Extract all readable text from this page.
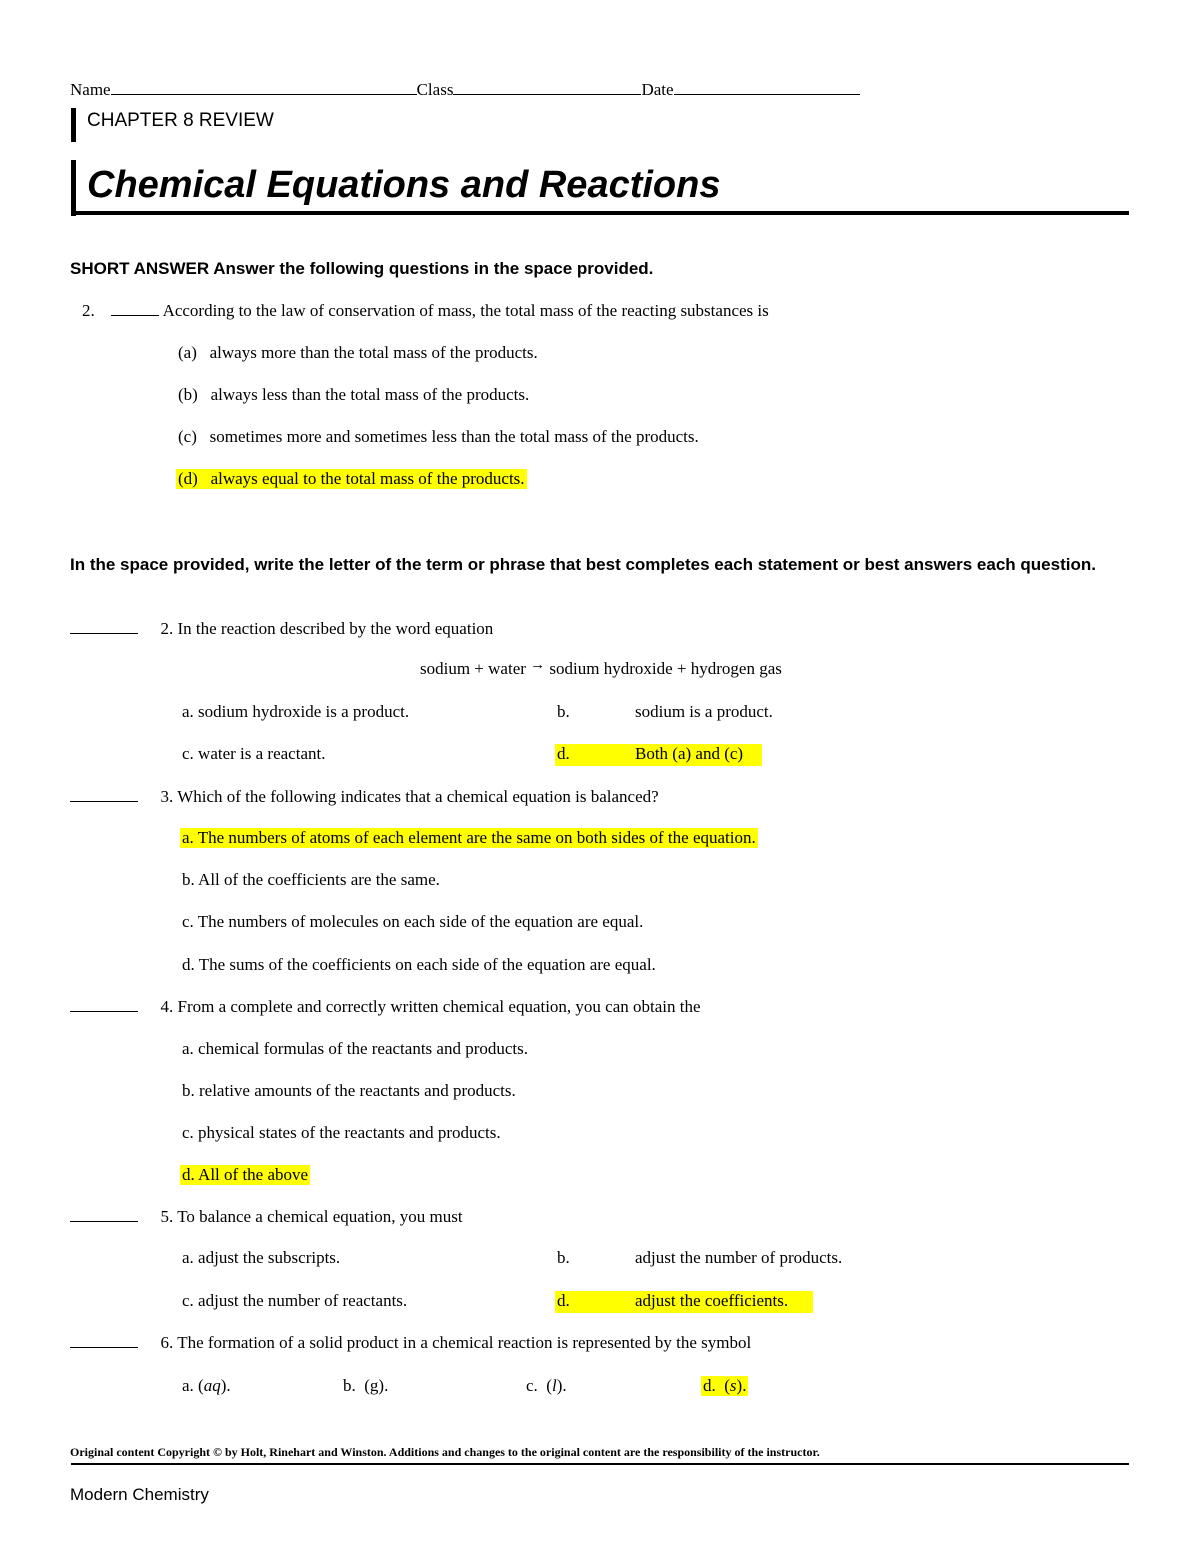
Name	Class	Date
CHAPTER 8 REVIEW
Chemical Equations and Reactions
SHORT ANSWER Answer the following questions in the space provided.
2.	According to the law of conservation of mass, the total mass of the reacting substances is
(a) always more than the total mass of the products.
(b) always less than the total mass of the products.
(c) sometimes more and sometimes less than the total mass of the products.
(d) always equal to the total mass of the products.
In the space provided, write the letter of the term or phrase that best completes each statement or best answers each question.
2. In the reaction described by the word equation
sodium + water → sodium hydroxide + hydrogen gas
a. sodium hydroxide is a product.	b.	sodium is a product.
c. water is a reactant.	d.	Both (a) and (c)
3. Which of the following indicates that a chemical equation is balanced?
a. The numbers of atoms of each element are the same on both sides of the equation.
b. All of the coefficients are the same.
c. The numbers of molecules on each side of the equation are equal.
d. The sums of the coefficients on each side of the equation are equal.
4. From a complete and correctly written chemical equation, you can obtain the
a. chemical formulas of the reactants and products.
b. relative amounts of the reactants and products.
c. physical states of the reactants and products.
d. All of the above
5. To balance a chemical equation, you must
a. adjust the subscripts.	b.	adjust the number of products.
c. adjust the number of reactants.	d.	adjust the coefficients.
6. The formation of a solid product in a chemical reaction is represented by the symbol
a. (aq).	b.  (g).	c.  (l).	d.  (s).
Original content Copyright © by Holt, Rinehart and Winston. Additions and changes to the original content are the responsibility of the instructor.
Modern Chemistry
